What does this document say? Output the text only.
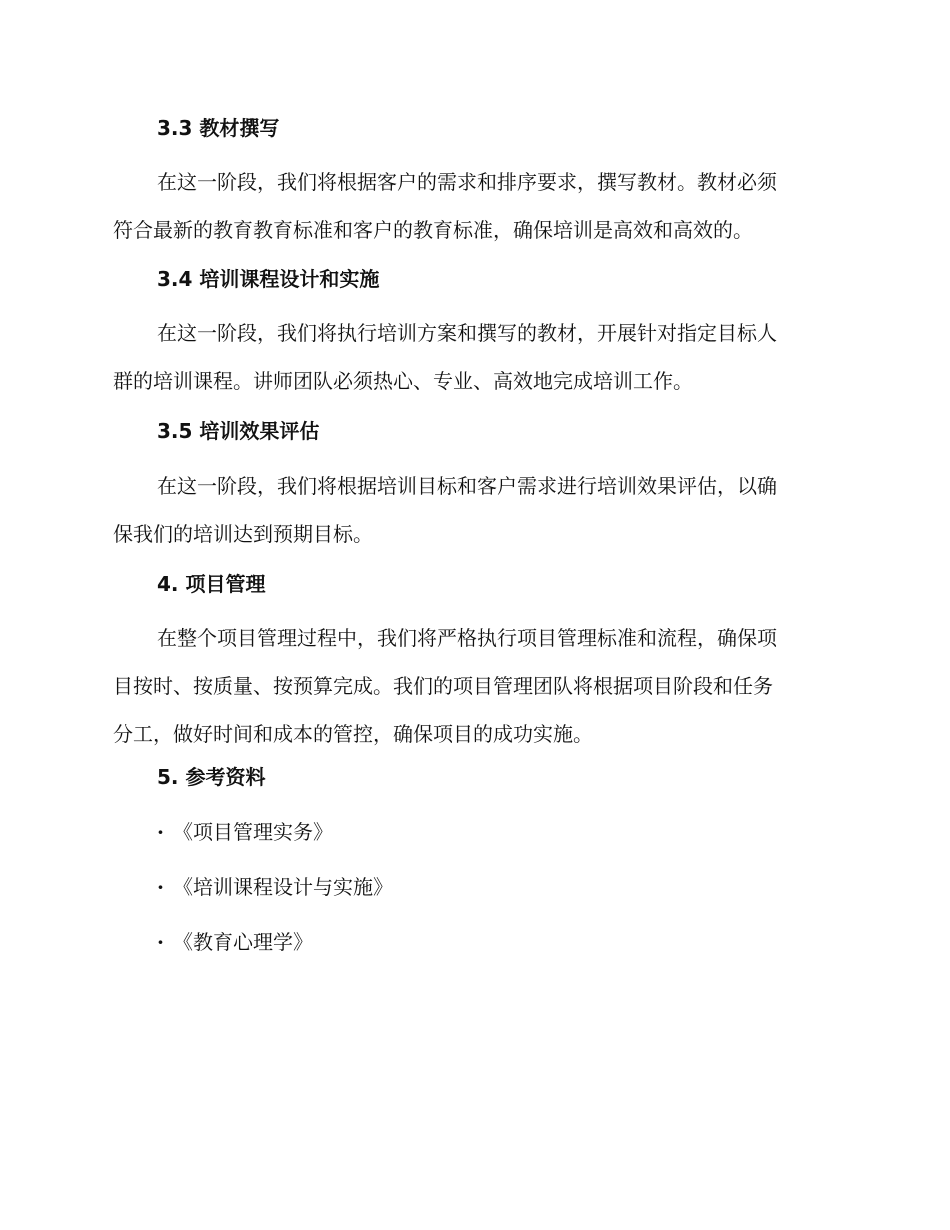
3.3 教材撰写
在这一阶段，我们将根据客户的需求和排序要求，撰写教材。教材必须
符合最新的教育教育标准和客户的教育标准，确保培训是高效和高效的。
3.4 培训课程设计和实施
在这一阶段，我们将执行培训方案和撰写的教材，开展针对指定目标人
群的培训课程。讲师团队必须热心、专业、高效地完成培训工作。
3.5 培训效果评估
在这一阶段，我们将根据培训目标和客户需求进行培训效果评估，以确
保我们的培训达到预期目标。
4. 项目管理
在整个项目管理过程中，我们将严格执行项目管理标准和流程，确保项
目按时、按质量、按预算完成。我们的项目管理团队将根据项目阶段和任务
分工，做好时间和成本的管控，确保项目的成功实施。
5. 参考资料
· 《项目管理实务》
· 《培训课程设计与实施》
· 《教育心理学》
